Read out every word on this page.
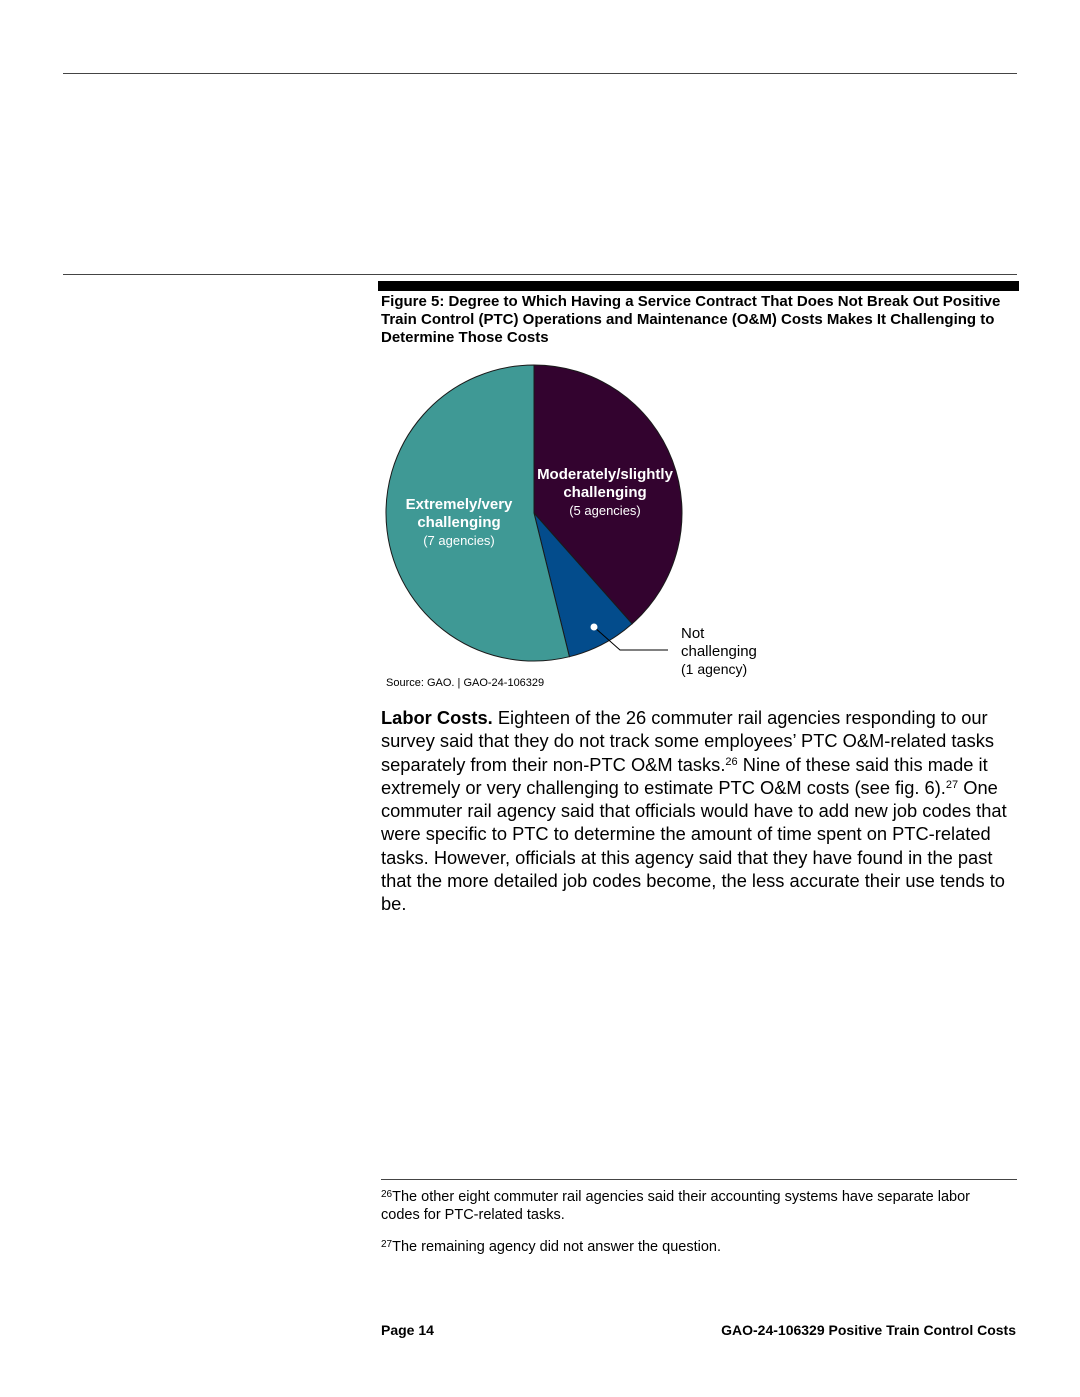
Figure 5: Degree to Which Having a Service Contract That Does Not Break Out Positive Train Control (PTC) Operations and Maintenance (O&M) Costs Makes It Challenging to Determine Those Costs
Moderately/slightly
challenging
(5 agencies)
Extremely/very
challenging
(7 agencies)
Not
challenging
(1 agency)
Source: GAO. | GAO-24-106329
Labor Costs. Eighteen of the 26 commuter rail agencies responding to our survey said that they do not track some employees’ PTC O&M-related tasks separately from their non-PTC O&M tasks.$^{26}$ Nine of these said this made it extremely or very challenging to estimate PTC O&M costs (see fig. 6).$^{27}$ One commuter rail agency said that officials would have to add new job codes that were specific to PTC to determine the amount of time spent on PTC-related tasks. However, officials at this agency said that they have found in the past that the more detailed job codes become, the less accurate their use tends to be.
$^{26}$The other eight commuter rail agencies said their accounting systems have separate labor codes for PTC-related tasks.
$^{27}$The remaining agency did not answer the question.
Page 14	GAO-24-106329 Positive Train Control Costs
